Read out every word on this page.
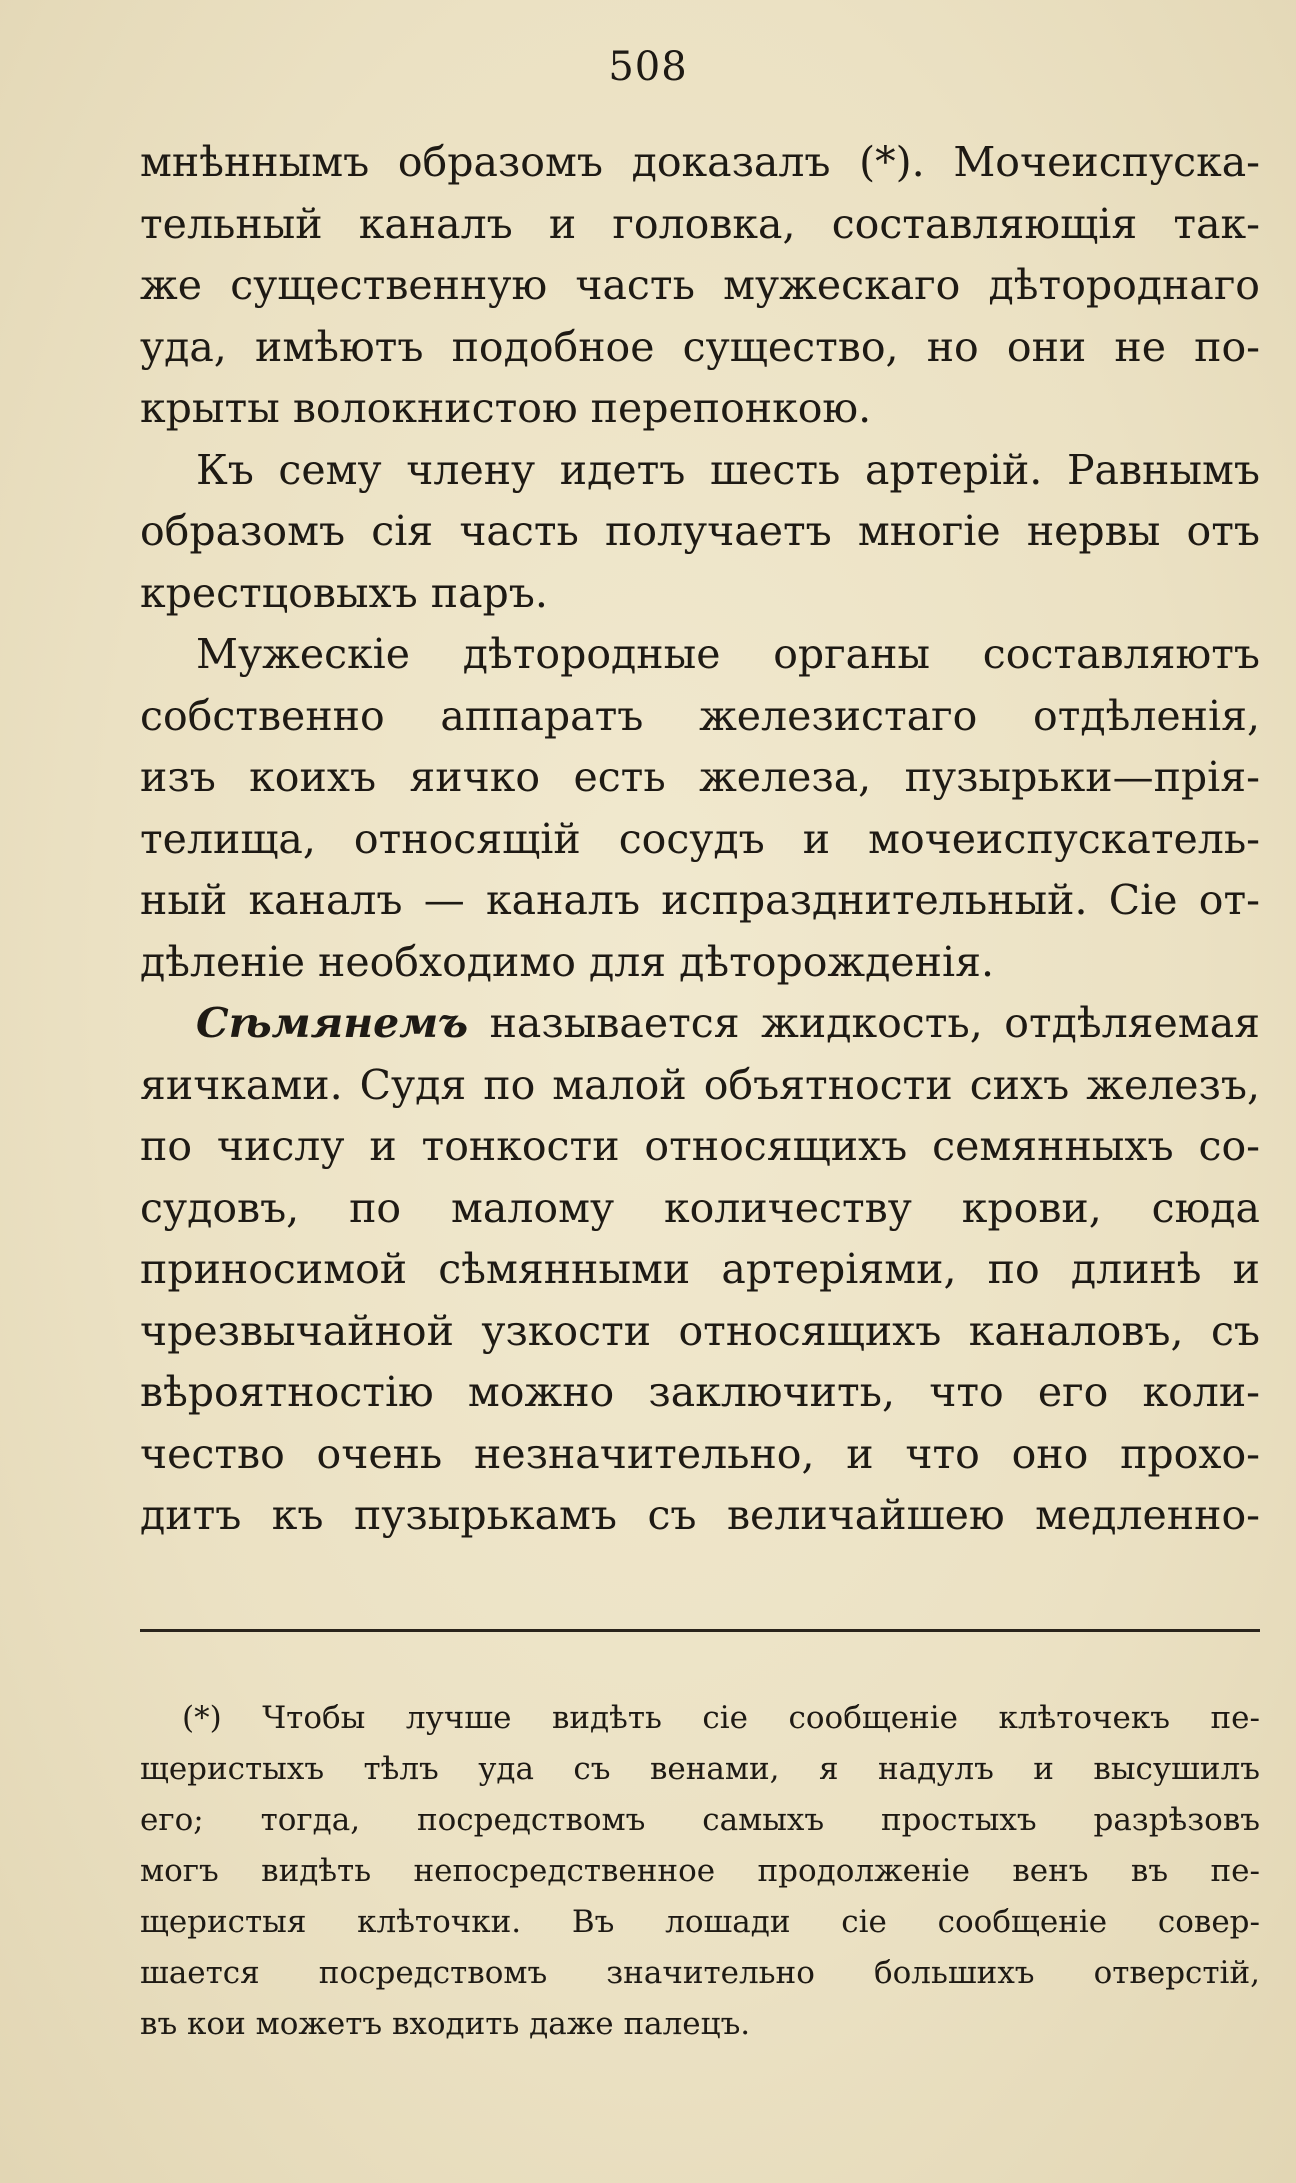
508
мнѣннымъ образомъ доказалъ (*). Мочеиспуска-
тельный каналъ и головка, составляющія так-
же существенную часть мужескаго дѣтороднаго
уда, имѣютъ подобное существо, но они не по-
крыты волокнистою перепонкою.
Къ сему члену идетъ шесть артерій. Равнымъ
образомъ сія часть получаетъ многіе нервы отъ
крестцовыхъ паръ.
Мужескіе дѣтородные органы составляютъ
собственно аппаратъ железистаго отдѣленія,
изъ коихъ яичко есть железа, пузырьки—прія-
телища, относящій сосудъ и мочеиспускатель-
ный каналъ — каналъ испразднительный. Сіе от-
дѣленіе необходимо для дѣторожденія.
Сѣмянемъ называется жидкость, отдѣляемая
яичками. Судя по малой объятности сихъ железъ,
по числу и тонкости относящихъ семянныхъ со-
судовъ, по малому количеству крови, сюда
приносимой сѣмянными артеріями, по длинѣ и
чрезвычайной узкости относящихъ каналовъ, съ
вѣроятностію можно заключить, что его коли-
чество очень незначительно, и что оно прохо-
дитъ къ пузырькамъ съ величайшею медленно-
(*) Чтобы лучше видѣть сіе сообщеніе клѣточекъ пе-
щеристыхъ тѣлъ уда съ венами, я надулъ и высушилъ
его; тогда, посредствомъ самыхъ простыхъ разрѣзовъ
могъ видѣть непосредственное продолженіе венъ въ пе-
щеристыя клѣточки. Въ лошади сіе сообщеніе совер-
шается посредствомъ значительно большихъ отверстій,
въ кои можетъ входить даже палецъ.
